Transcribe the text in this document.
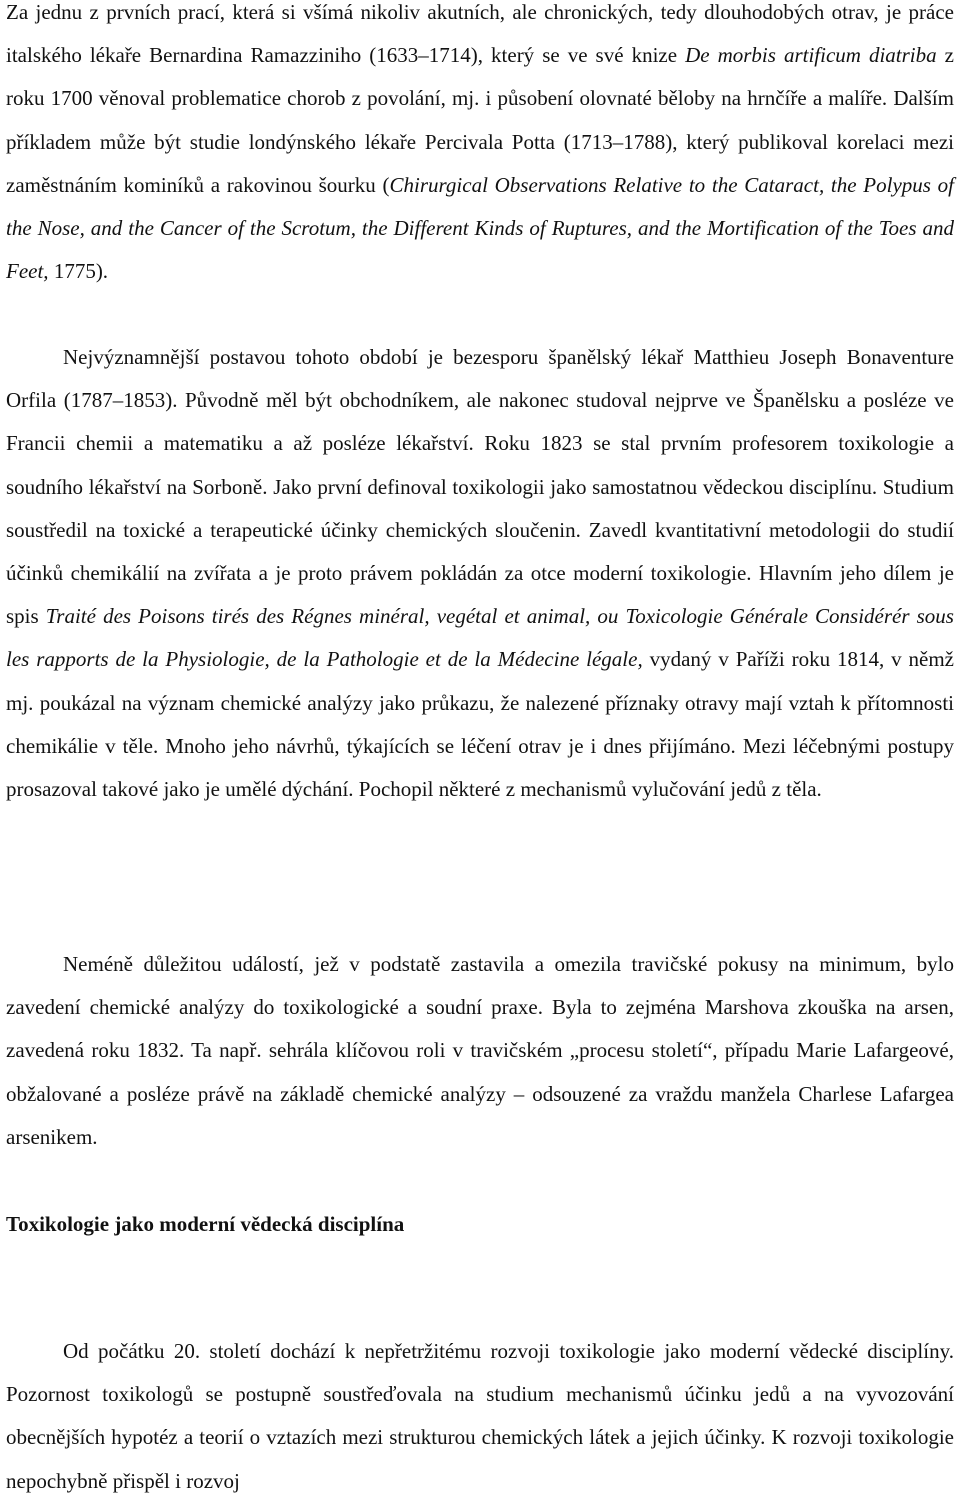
Za jednu z prvních prací, která si všímá nikoliv akutních, ale chronických, tedy dlouhodobých otrav, je práce italského lékaře Bernardina Ramazziniho (1633–1714), který se ve své knize De morbis artificum diatriba z roku 1700 věnoval problematice chorob z povolání, mj. i působení olovnaté běloby na hrnčíře a malíře. Dalším příkladem může být studie londýnského lékaře Percivala Potta (1713–1788), který publikoval korelaci mezi zaměstnáním kominíků a rakovinou šourku (Chirurgical Observations Relative to the Cataract, the Polypus of the Nose, and the Cancer of the Scrotum, the Different Kinds of Ruptures, and the Mortification of the Toes and Feet, 1775).

Nejvýznamnější postavou tohoto období je bezesporu španělský lékař Matthieu Joseph Bonaventure Orfila (1787–1853). Původně měl být obchodníkem, ale nakonec studoval nejprve ve Španělsku a posléze ve Francii chemii a matematiku a až posléze lékařství. Roku 1823 se stal prvním profesorem toxikologie a soudního lékařství na Sorboně. Jako první definoval toxikologii jako samostatnou vědeckou disciplínu. Studium soustředil na toxické a terapeutické účinky chemických sloučenin. Zavedl kvantitativní metodologii do studií účinků chemikálií na zvířata a je proto právem pokládán za otce moderní toxikologie. Hlavním jeho dílem je spis Traité des Poisons tirés des Régnes minéral, vegétal et animal, ou Toxicologie Générale Considérér sous les rapports de la Physiologie, de la Pathologie et de la Médecine légale, vydaný v Paříži roku 1814, v němž mj. poukázal na význam chemické analýzy jako průkazu, že nalezené příznaky otravy mají vztah k přítomnosti chemikálie v těle. Mnoho jeho návrhů, týkajících se léčení otrav je i dnes přijímáno. Mezi léčebnými postupy prosazoval takové jako je umělé dýchání. Pochopil některé z mechanismů vylučování jedů z těla.

Neméně důležitou událostí, jež v podstatě zastavila a omezila travičské pokusy na minimum, bylo zavedení chemické analýzy do toxikologické a soudní praxe. Byla to zejména Marshova zkouška na arsen, zavedená roku 1832. Ta např. sehrála klíčovou roli v travičském „procesu století“, případu Marie Lafargeové, obžalované a posléze právě na základě chemické analýzy – odsouzené za vraždu manžela Charlese Lafargea arsenikem.

Toxikologie jako moderní vědecká disciplína

Od počátku 20. století dochází k nepřetržitému rozvoji toxikologie jako moderní vědecké disciplíny. Pozornost toxikologů se postupně soustřeďovala na studium mechanismů účinku jedů a na vyvozování obecnějších hypotéz a teorií o vztazích mezi strukturou chemických látek a jejich účinky. K rozvoji toxikologie nepochybně přispěl i rozvoj
